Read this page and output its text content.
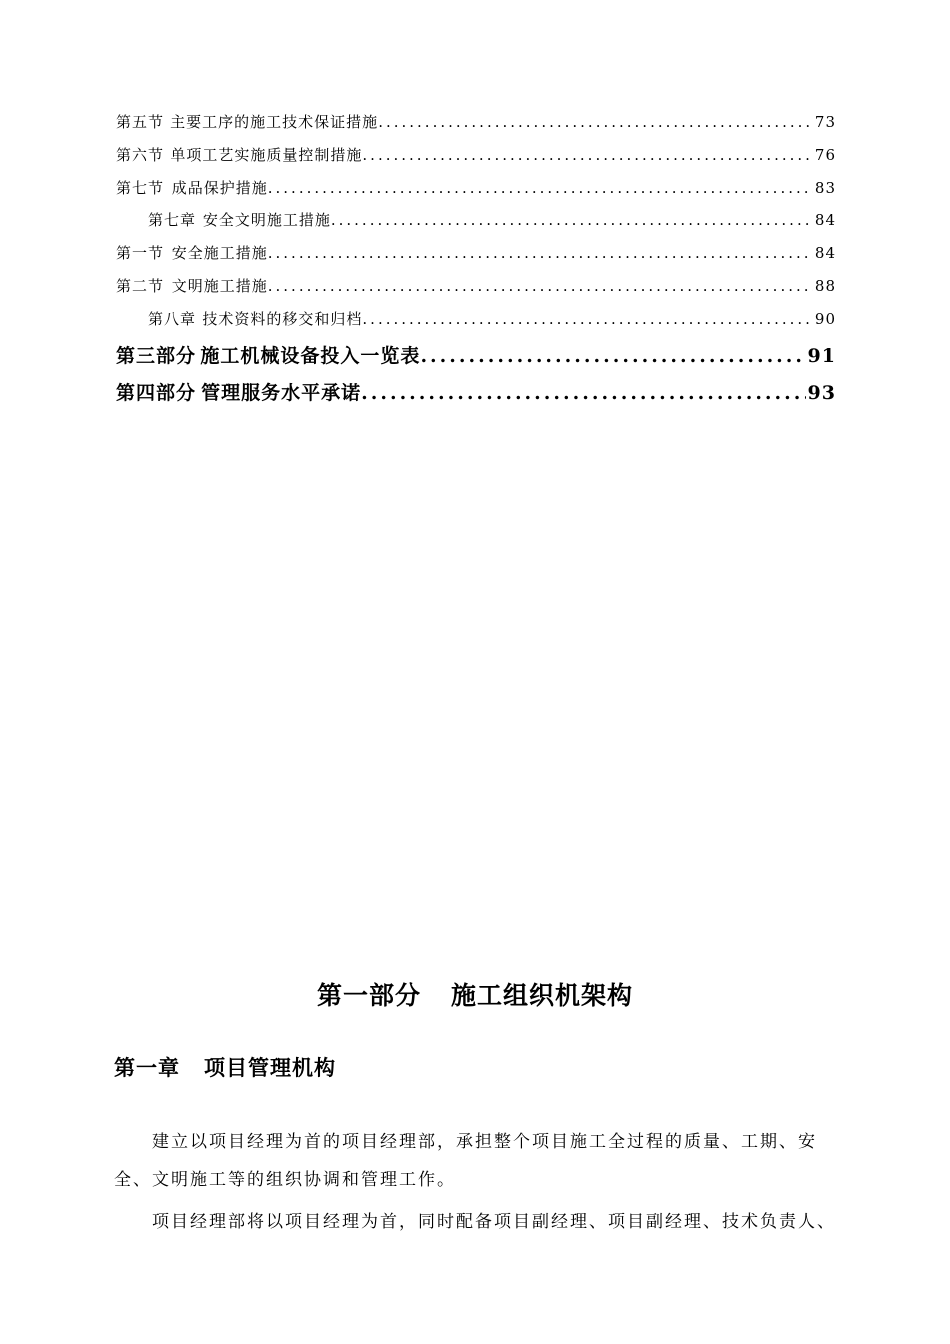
第五节 主要工序的施工技术保证措施 .....	73
第六节 单项工艺实施质量控制措施 .....	76
第七节 成品保护措施 .....	83
第七章 安全文明施工措施 .....	84
第一节 安全施工措施 .....	84
第二节 文明施工措施 .....	88
第八章 技术资料的移交和归档 .....	90
第三部分 施工机械设备投入一览表 .....	91
第四部分 管理服务水平承诺 .....	93
第一部分 施工组织机架构
第一章 项目管理机构
建立以项目经理为首的项目经理部，承担整个项目施工全过程的质量、工期、安
全、文明施工等的组织协调和管理工作。
项目经理部将以项目经理为首，同时配备项目副经理、项目副经理、技术负责人、
